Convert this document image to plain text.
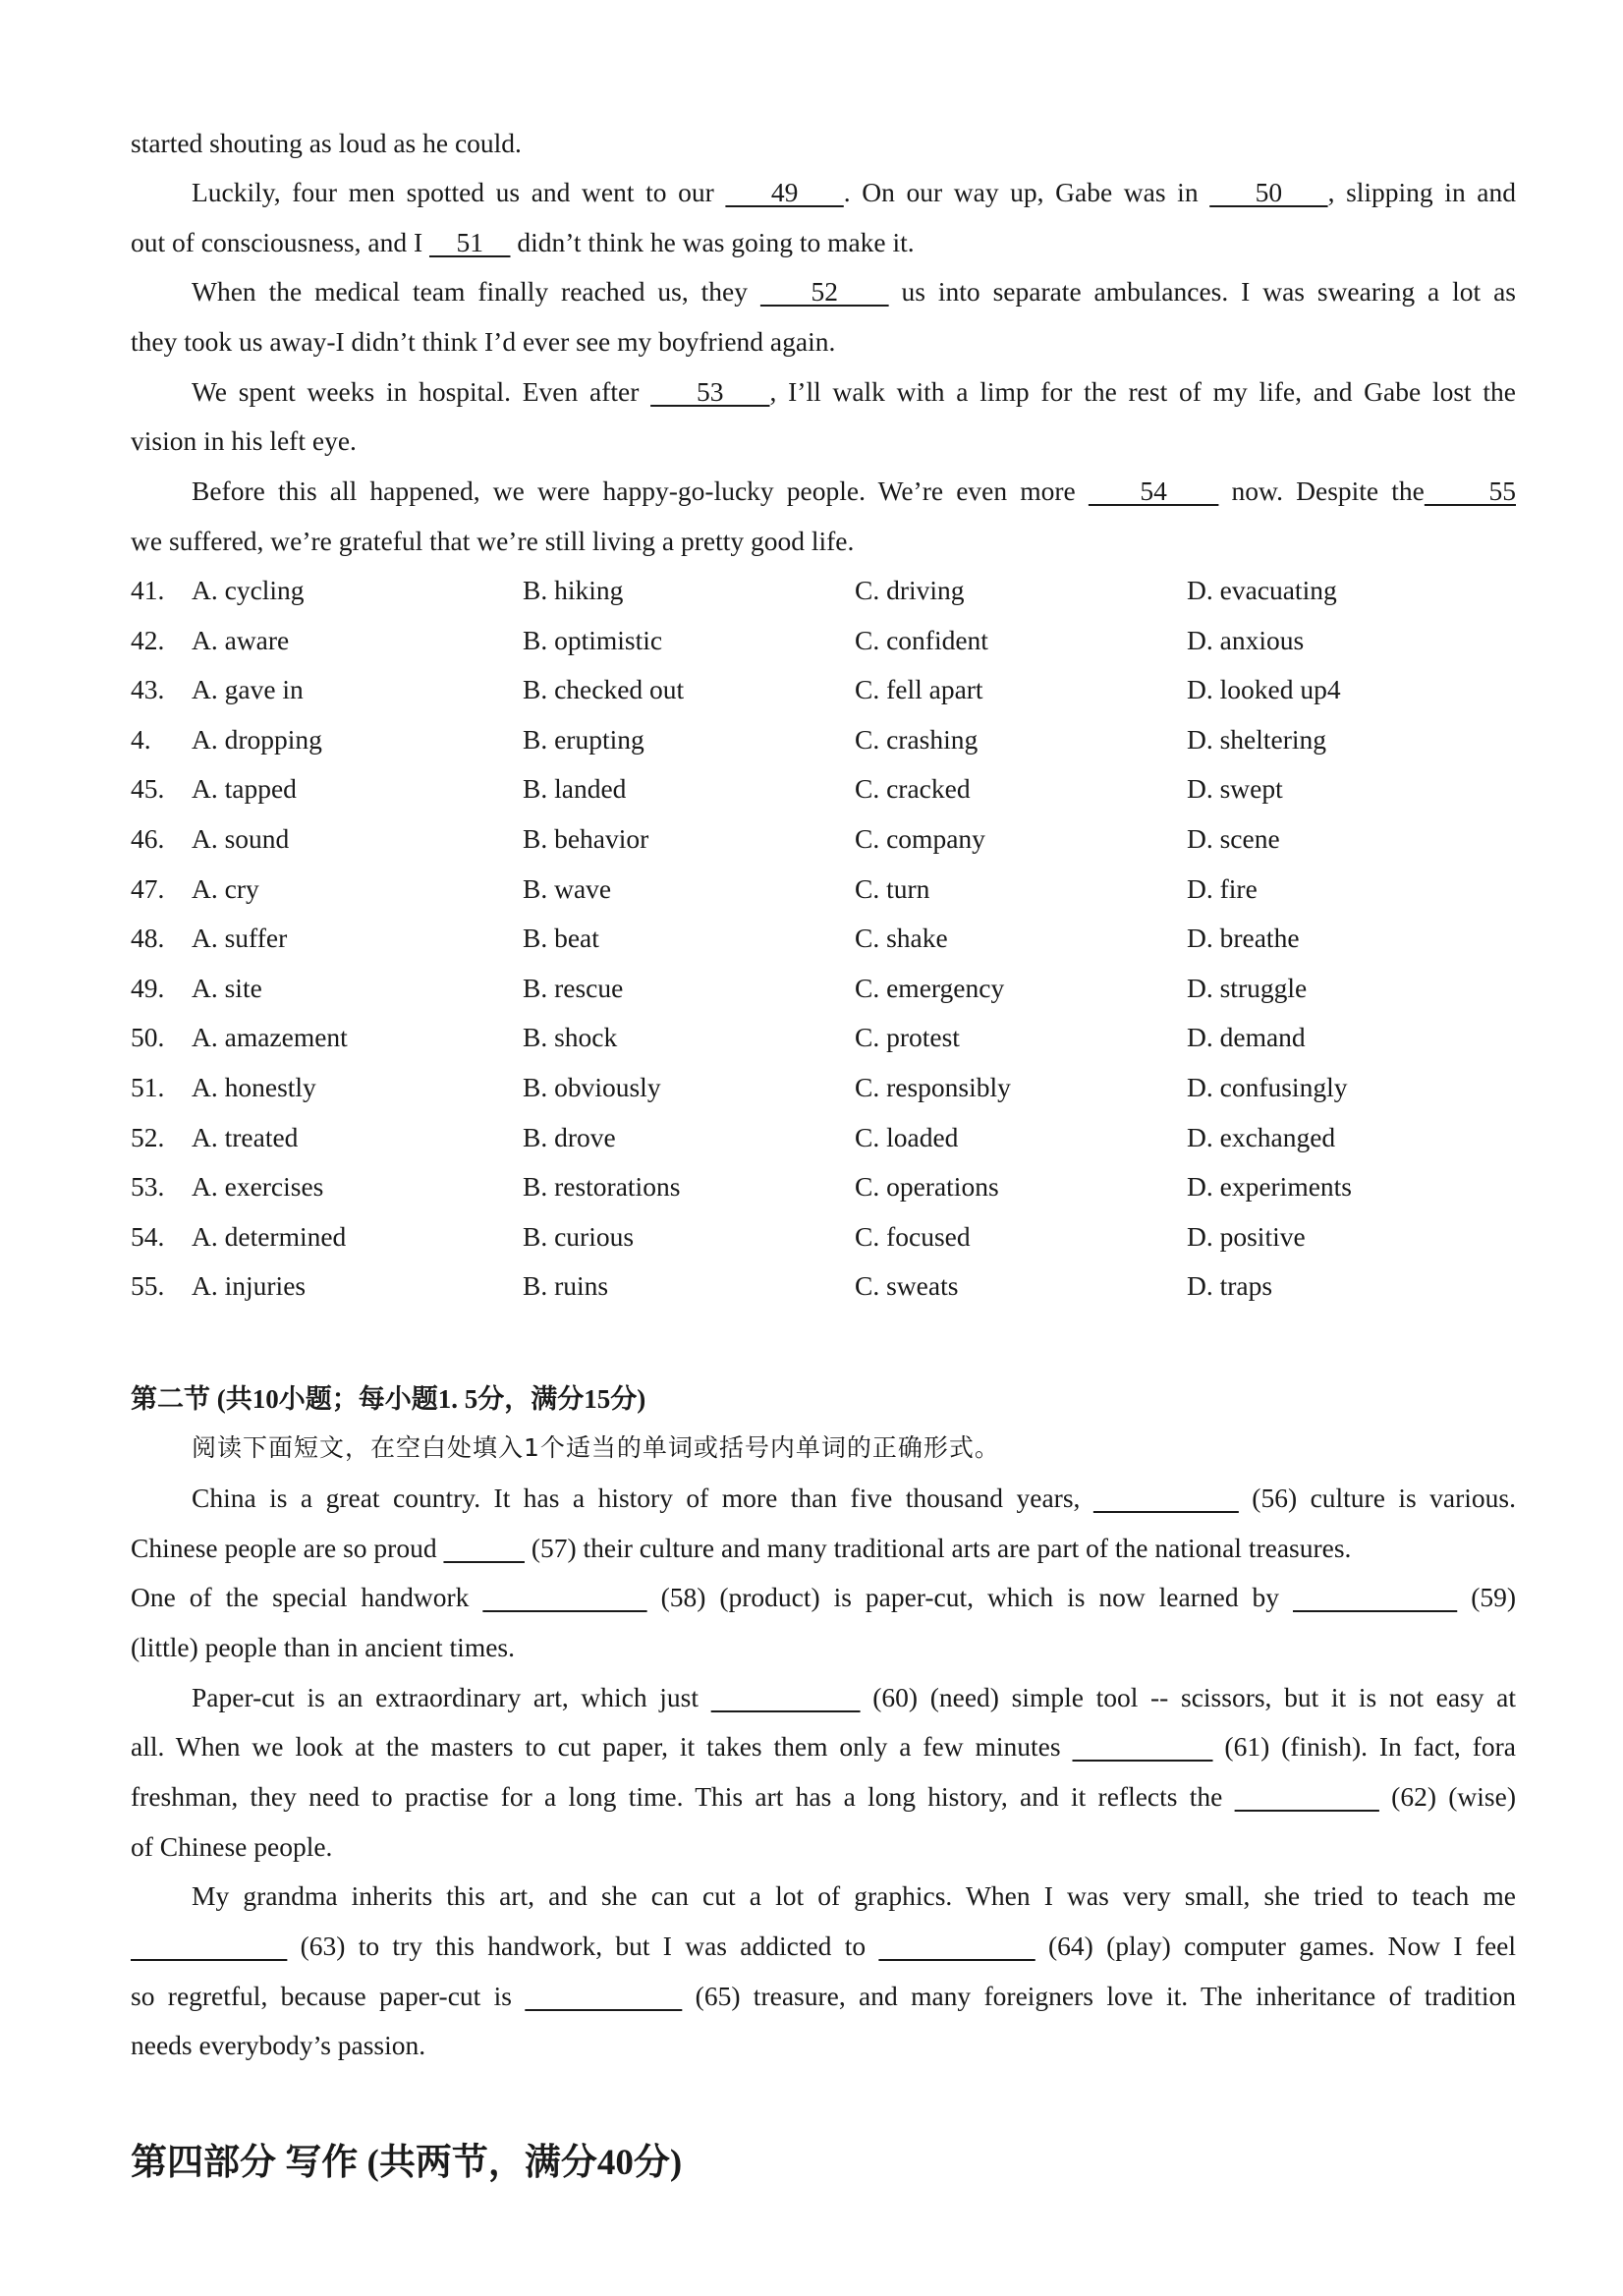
started shouting as loud as he could.
Luckily, four men spotted us and went to our     49    . On our way up, Gabe was in     50    , slipping in and
out of consciousness, and I     51     didn’t think he was going to make it.
When the medical team finally reached us, they     52     us into separate ambulances. I was swearing a lot as
they took us away-I didn’t think I’d ever see my boyfriend again.
We spent weeks in hospital. Even after     53    , I’ll walk with a limp for the rest of my life, and Gabe lost the
vision in his left eye.
Before this all happened, we were happy-go-lucky people. We’re even more     54     now. Despite the     55
we suffered, we’re grateful that we’re still living a pretty good life.
41. A. cycling	B. hiking	C. driving	D. evacuating
42. A. aware	B. optimistic	C. confident	D. anxious
43. A. gave in	B. checked out	C. fell apart	D. looked up4
4. A. dropping	B. erupting	C. crashing	D. sheltering
45. A. tapped	B. landed	C. cracked	D. swept
46. A. sound	B. behavior	C. company	D. scene
47. A. cry	B. wave	C. turn	D. fire
48. A. suffer	B. beat	C. shake	D. breathe
49. A. site	B. rescue	C. emergency	D. struggle
50. A. amazement	B. shock	C. protest	D. demand
51. A. honestly	B. obviously	C. responsibly	D. confusingly
52. A. treated	B. drove	C. loaded	D. exchanged
53. A. exercises	B. restorations	C. operations	D. experiments
54. A. determined	B. curious	C. focused	D. positive
55. A. injuries	B. ruins	C. sweats	D. traps
第二节 (共10小题；每小题1. 5分，满分15分)
阅读下面短文，在空白处填入1个适当的单词或括号内单词的正确形式。
China is a great country. It has a history of more than five thousand years,	(56) culture is various.
Chinese people are so proud	(57) their culture and many traditional arts are part of the national treasures.
One of the special handwork	(58) (product) is paper-cut, which is now learned by	(59)
(little) people than in ancient times.
Paper-cut is an extraordinary art, which just	(60) (need) simple tool -- scissors, but it is not easy at
all. When we look at the masters to cut paper, it takes them only a few minutes	(61) (finish). In fact, fora
freshman, they need to practise for a long time. This art has a long history, and it reflects the	(62) (wise)
of Chinese people.
My grandma inherits this art, and she can cut a lot of graphics. When I was very small, she tried to teach me
(63) to try this handwork, but I was addicted to	(64) (play) computer games. Now I feel
so regretful, because paper-cut is	(65) treasure, and many foreigners love it. The inheritance of tradition
needs everybody’s passion.
第四部分 写作 (共两节，满分40分)
